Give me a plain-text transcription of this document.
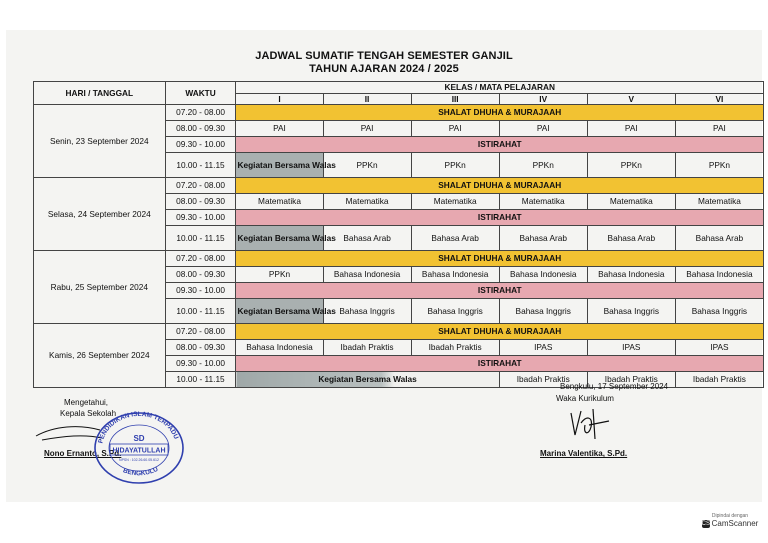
JADWAL SUMATIF TENGAH SEMESTER GANJIL
TAHUN AJARAN 2024 / 2025
HARI / TANGGAL	WAKTU	KELAS / MATA PELAJARAN					
		I	II	III	IV	V	VI
Senin, 23 September 2024	07.20 - 08.00	SHALAT DHUHA & MURAJAAH					
	08.00 - 09.30	PAI	PAI	PAI	PAI	PAI	PAI
	09.30 - 10.00	ISTIRAHAT					
	10.00 - 11.15	Kegiatan Bersama Walas	PPKn	PPKn	PPKn	PPKn	PPKn
Selasa, 24 September 2024	07.20 - 08.00	SHALAT DHUHA & MURAJAAH					
	08.00 - 09.30	Matematika	Matematika	Matematika	Matematika	Matematika	Matematika
	09.30 - 10.00	ISTIRAHAT					
	10.00 - 11.15	Kegiatan Bersama Walas	Bahasa Arab	Bahasa Arab	Bahasa Arab	Bahasa Arab	Bahasa Arab
Rabu, 25 September 2024	07.20 - 08.00	SHALAT DHUHA & MURAJAAH					
	08.00 - 09.30	PPKn	Bahasa Indonesia	Bahasa Indonesia	Bahasa Indonesia	Bahasa Indonesia	Bahasa Indonesia
	09.30 - 10.00	ISTIRAHAT					
	10.00 - 11.15	Kegiatan Bersama Walas	Bahasa Inggris	Bahasa Inggris	Bahasa Inggris	Bahasa Inggris	Bahasa Inggris
Kamis, 26 September 2024	07.20 - 08.00	SHALAT DHUHA & MURAJAAH					
	08.00 - 09.30	Bahasa Indonesia	Ibadah Praktis	Ibadah Praktis	IPAS	IPAS	IPAS
	09.30 - 10.00	ISTIRAHAT					
	10.00 - 11.15	Kegiatan Bersama Walas			Ibadah Praktis	Ibadah Praktis	Ibadah Praktis
Mengetahui,
Kepala Sekolah
Nono Ernanto, S.Pd.
PENDIDIKAN ISLAM TERPADU
BENGKULU
SD
HIDAYATULLAH
NPSN : 102.26.60.05.612
Bengkulu, 17 September 2024
Waka Kurikulum
Marina Valentika, S.Pd.
Dipindai dengan
CS CamScanner
